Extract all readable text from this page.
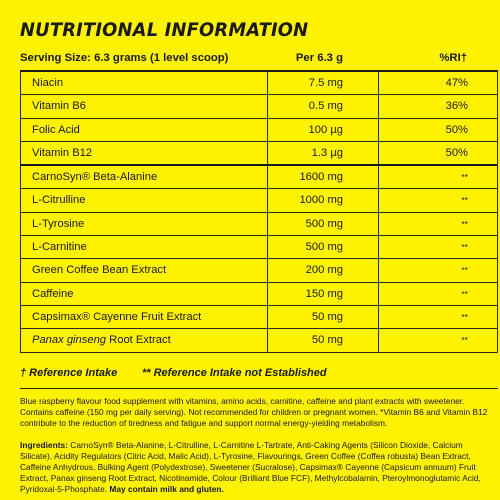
NUTRITIONAL INFORMATION
Serving Size: 6.3 grams (1 level scoop)	Per 6.3 g	%RI†
Niacin	7.5 mg	47%
Vitamin B6	0.5 mg	36%
Folic Acid	100 µg	50%
Vitamin B12	1.3 µg	50%
CarnoSyn® Beta-Alanine	1600 mg	**
L-Citrulline	1000 mg	**
L-Tyrosine	500 mg	**
L-Carnitine	500 mg	**
Green Coffee Bean Extract	200 mg	**
Caffeine	150 mg	**
Capsimax® Cayenne Fruit Extract	50 mg	**
Panax ginseng Root Extract	50 mg	**
† Reference Intake ** Reference Intake not Established
Blue raspberry flavour food supplement with vitamins, amino acids, carnitine, caffeine and plant extracts with sweetener. Contains caffeine (150 mg per daily serving). Not recommended for children or pregnant women. *Vitamin B6 and Vitamin B12 contribute to the reduction of tiredness and fatigue and support normal energy-yielding metabolism.
Ingredients: CarnoSyn® Beta-Alanine, L-Citrulline, L-Carnitine L-Tartrate, Anti-Caking Agents (Silicon Dioxide, Calcium Silicate), Acidity Regulators (Citric Acid, Malic Acid), L-Tyrosine, Flavourings, Green Coffee (Coffea robusta) Bean Extract, Caffeine Anhydrous, Bulking Agent (Polydextrose), Sweetener (Sucralose), Capsimax® Cayenne (Capsicum annuum) Fruit Extract, Panax ginseng Root Extract, Nicotinamide, Colour (Brilliant Blue FCF), Methylcobalamin, Pteroylmonoglutamic Acid, Pyridoxal-5-Phosphate. May contain milk and gluten.
